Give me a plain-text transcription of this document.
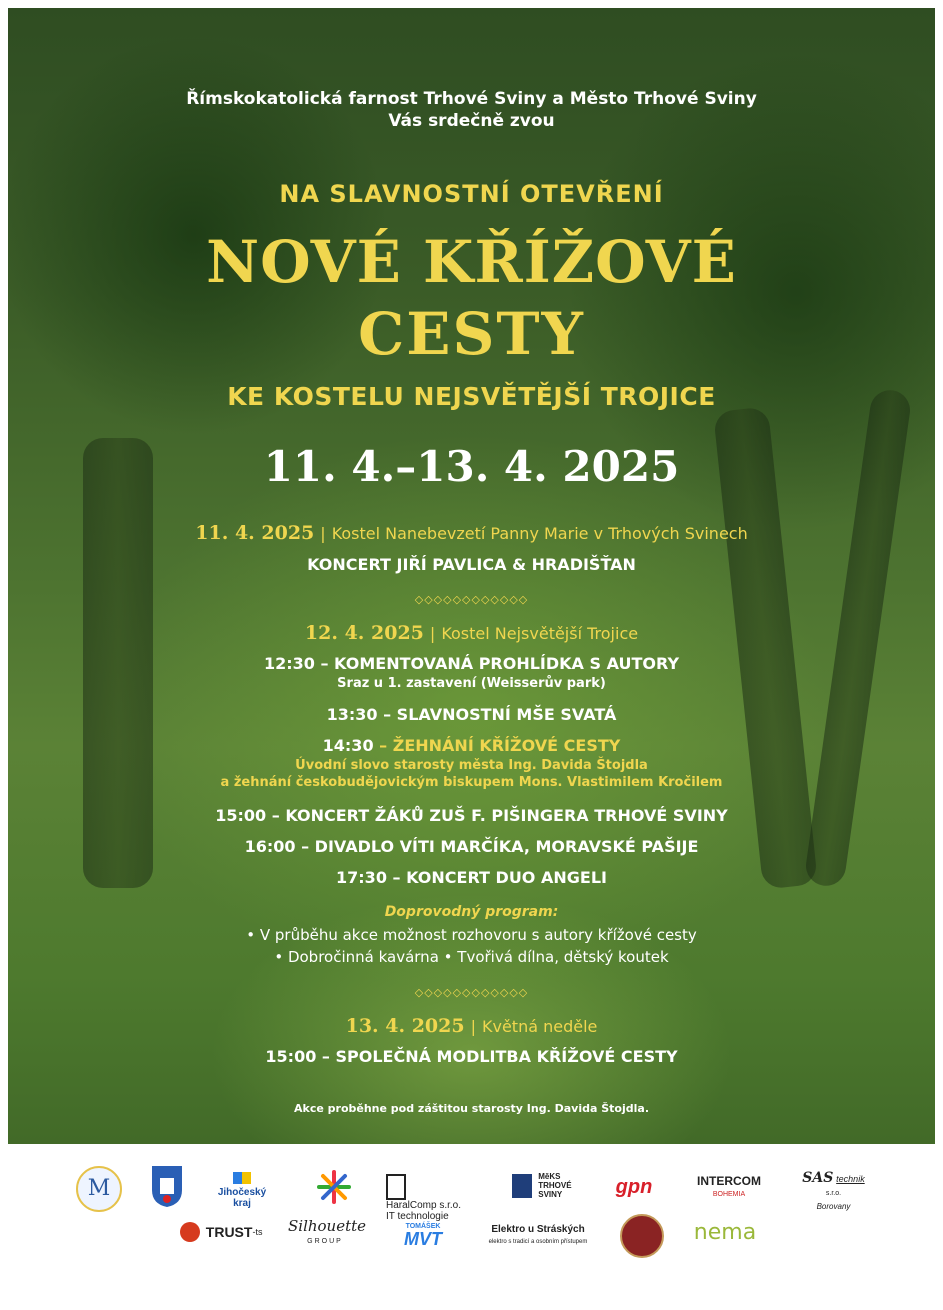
Římskokatolická farnost Trhové Sviny a Město Trhové Sviny
Vás srdečně zvou
NA SLAVNOSTNÍ OTEVŘENÍ
NOVÉ KŘÍŽOVÉ
CESTY
KE KOSTELU NEJSVĚTĚJŠÍ TROJICE
11. 4.–13. 4. 2025
11. 4. 2025 | Kostel Nanebevzetí Panny Marie v Trhových Svinech
KONCERT JIŘÍ PAVLICA & HRADIŠŤAN
◇◇◇◇◇◇◇◇◇◇◇◇
12. 4. 2025 | Kostel Nejsvětější Trojice
12:30 – KOMENTOVANÁ PROHLÍDKA S AUTORY
Sraz u 1. zastavení (Weisserův park)
13:30 – SLAVNOSTNÍ MŠE SVATÁ
14:30 – ŽEHNÁNÍ KŘÍŽOVÉ CESTY
Úvodní slovo starosty města Ing. Davida Štojdla
a žehnání českobudějovickým biskupem Mons. Vlastimilem Kročilem
15:00 – KONCERT ŽÁKŮ ZUŠ F. PIŠINGERA TRHOVÉ SVINY
16:00 – DIVADLO VÍTI MARČÍKA, MORAVSKÉ PAŠIJE
17:30 – KONCERT DUO ANGELI
Doprovodný program:
• V průběhu akce možnost rozhovoru s autory křížové cesty
• Dobročinná kavárna • Tvořivá dílna, dětský koutek
◇◇◇◇◇◇◇◇◇◇◇◇
13. 4. 2025 | Květná neděle
15:00 – SPOLEČNÁ MODLITBA KŘÍŽOVÉ CESTY
Akce proběhne pod záštitou starosty Ing. Davida Štojdla.
M	Jihočeský kraj	HaralComp s.r.o.
IT technologie
MěKS
TRHOVÉ
SVINY	gpn	INTERCOM
BOHEMIA
SAS technik s.r.o.
Borovany
TRUST-ts	Silhouette
GROUP
TOMÁŠEK
MVT	Elektro u Stráských
elektro s tradicí a osobním přístupem	nema
